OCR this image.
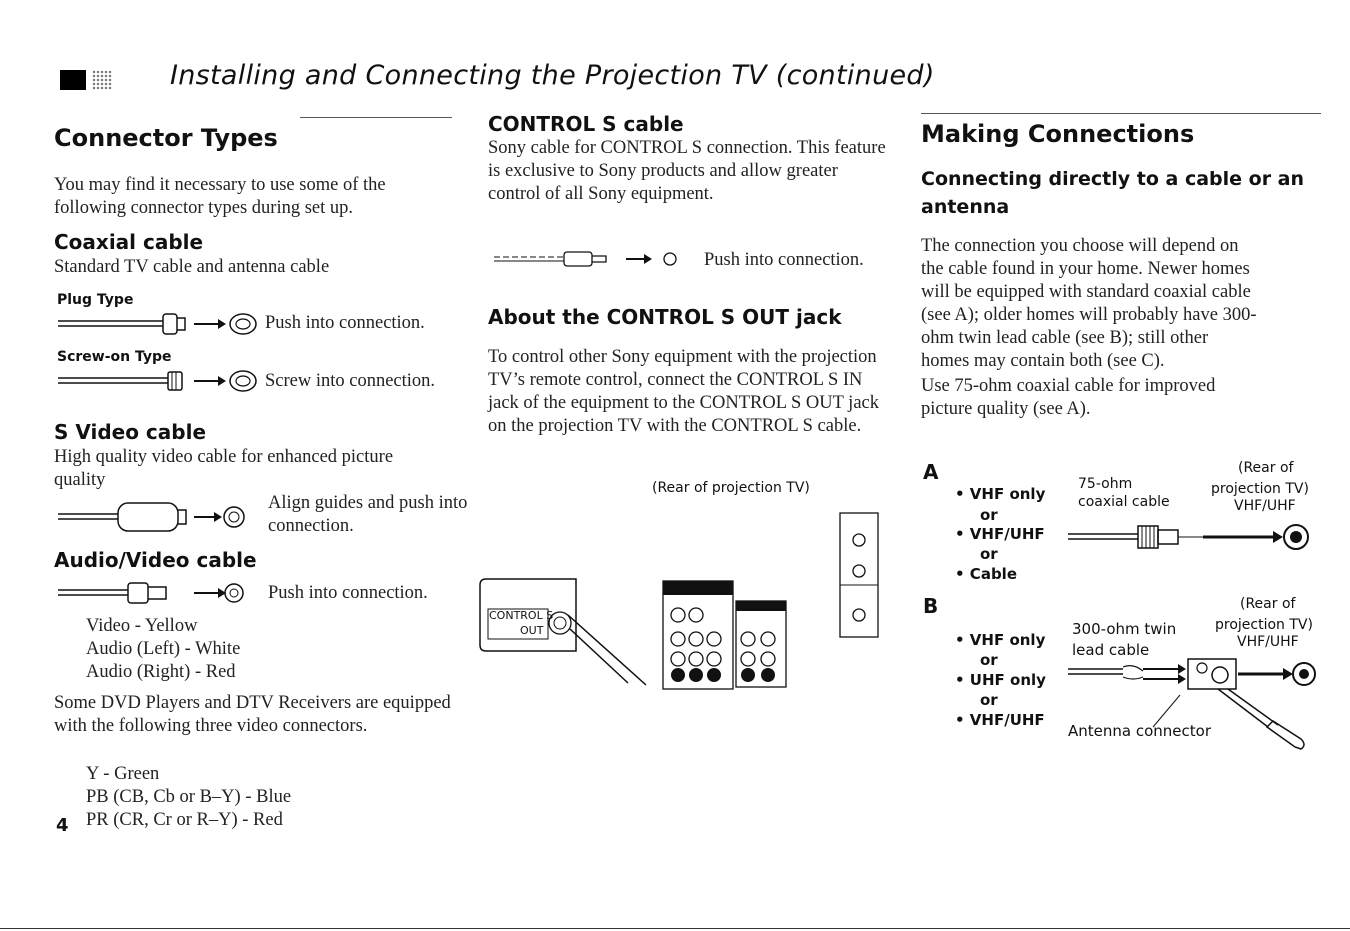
Installing and Connecting the Projection TV (continued)
Connector Types
You may find it necessary to use some of the following connector types during set up.
Coaxial cable
Standard TV cable and antenna cable
Plug Type
Push into connection.
Screw-on Type
Screw into connection.
S Video cable
High quality video cable for enhanced picture quality
Align guides and push into connection.
Audio/Video cable
Push into connection.
Video - Yellow
Audio (Left) - White
Audio (Right) - Red
Some DVD Players and DTV Receivers are equipped with the following three video connectors.
Y - Green
PB (CB, Cb or B–Y) - Blue
PR (CR, Cr or R–Y) - Red
4
CONTROL S cable
Sony cable for CONTROL S connection. This feature is exclusive to Sony products and allow greater control of all Sony equipment.
Push into connection.
About the CONTROL S OUT jack
To control other Sony equipment with the projection TV’s remote control, connect the CONTROL S IN jack of the equipment to the CONTROL S OUT jack on the projection TV with the CONTROL S cable.
(Rear of projection TV)
CONTROL S
OUT
Making Connections
Connecting directly to a cable or an antenna
The connection you choose will depend on
the cable found in your home. Newer homes
will be equipped with standard coaxial cable
(see A); older homes will probably have 300-
ohm twin lead cable (see B); still other
homes may contain both (see C).
Use 75-ohm coaxial cable for improved
picture quality (see A).
A
• VHF only
or
• VHF/UHF
or
• Cable
75-ohm
coaxial cable
(Rear of
projection TV)
VHF/UHF
B
• VHF only
or
• UHF only
or
• VHF/UHF
300-ohm twin
lead cable
(Rear of
projection TV)
VHF/UHF
Antenna connector
